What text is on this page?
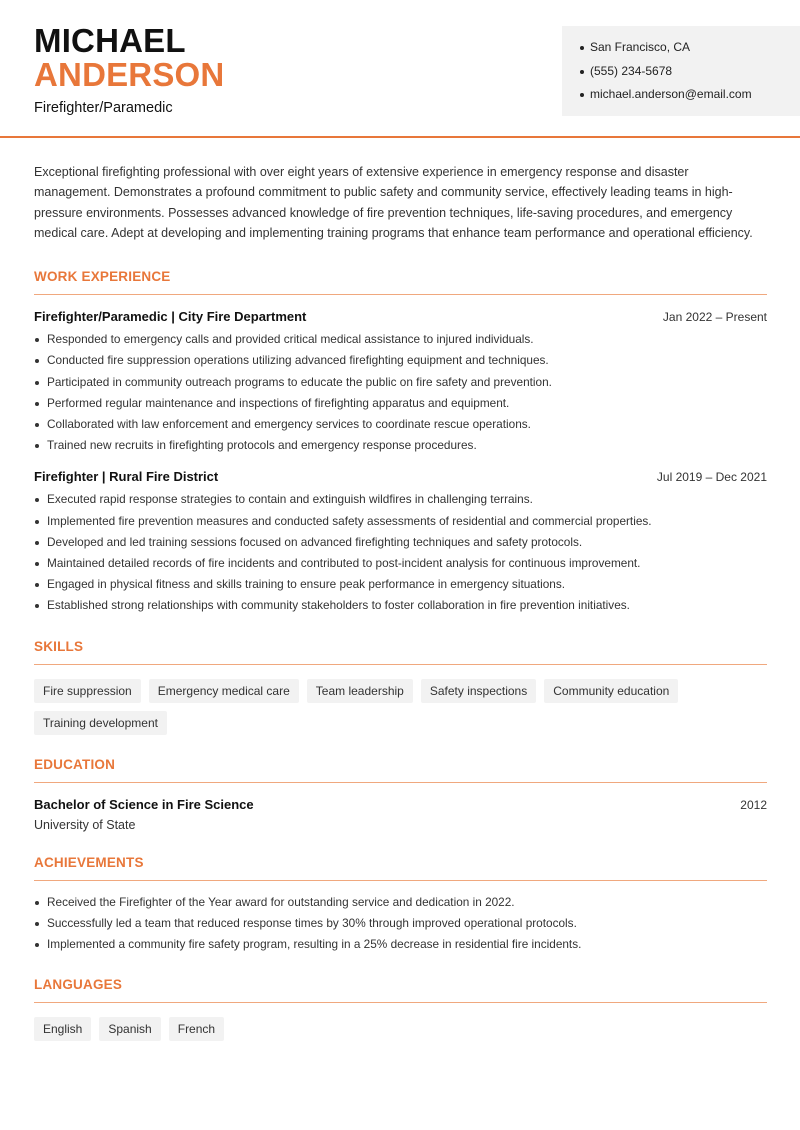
MICHAEL
ANDERSON
Firefighter/Paramedic
San Francisco, CA
(555) 234-5678
michael.anderson@email.com

Exceptional firefighting professional with over eight years of extensive experience in emergency response and disaster management. Demonstrates a profound commitment to public safety and community service, effectively leading teams in high-pressure environments. Possesses advanced knowledge of fire prevention techniques, life-saving procedures, and emergency medical care. Adept at developing and implementing training programs that enhance team performance and operational efficiency.

WORK EXPERIENCE
Firefighter/Paramedic | City Fire Department	Jan 2022 – Present
Responded to emergency calls and provided critical medical assistance to injured individuals.
Conducted fire suppression operations utilizing advanced firefighting equipment and techniques.
Participated in community outreach programs to educate the public on fire safety and prevention.
Performed regular maintenance and inspections of firefighting apparatus and equipment.
Collaborated with law enforcement and emergency services to coordinate rescue operations.
Trained new recruits in firefighting protocols and emergency response procedures.
Firefighter | Rural Fire District	Jul 2019 – Dec 2021
Executed rapid response strategies to contain and extinguish wildfires in challenging terrains.
Implemented fire prevention measures and conducted safety assessments of residential and commercial properties.
Developed and led training sessions focused on advanced firefighting techniques and safety protocols.
Maintained detailed records of fire incidents and contributed to post-incident analysis for continuous improvement.
Engaged in physical fitness and skills training to ensure peak performance in emergency situations.
Established strong relationships with community stakeholders to foster collaboration in fire prevention initiatives.
SKILLS
Fire suppression	Emergency medical care	Team leadership	Safety inspections	Community education
Training development
EDUCATION
Bachelor of Science in Fire Science	2012
University of State
ACHIEVEMENTS
Received the Firefighter of the Year award for outstanding service and dedication in 2022.
Successfully led a team that reduced response times by 30% through improved operational protocols.
Implemented a community fire safety program, resulting in a 25% decrease in residential fire incidents.
LANGUAGES
English	Spanish	French
